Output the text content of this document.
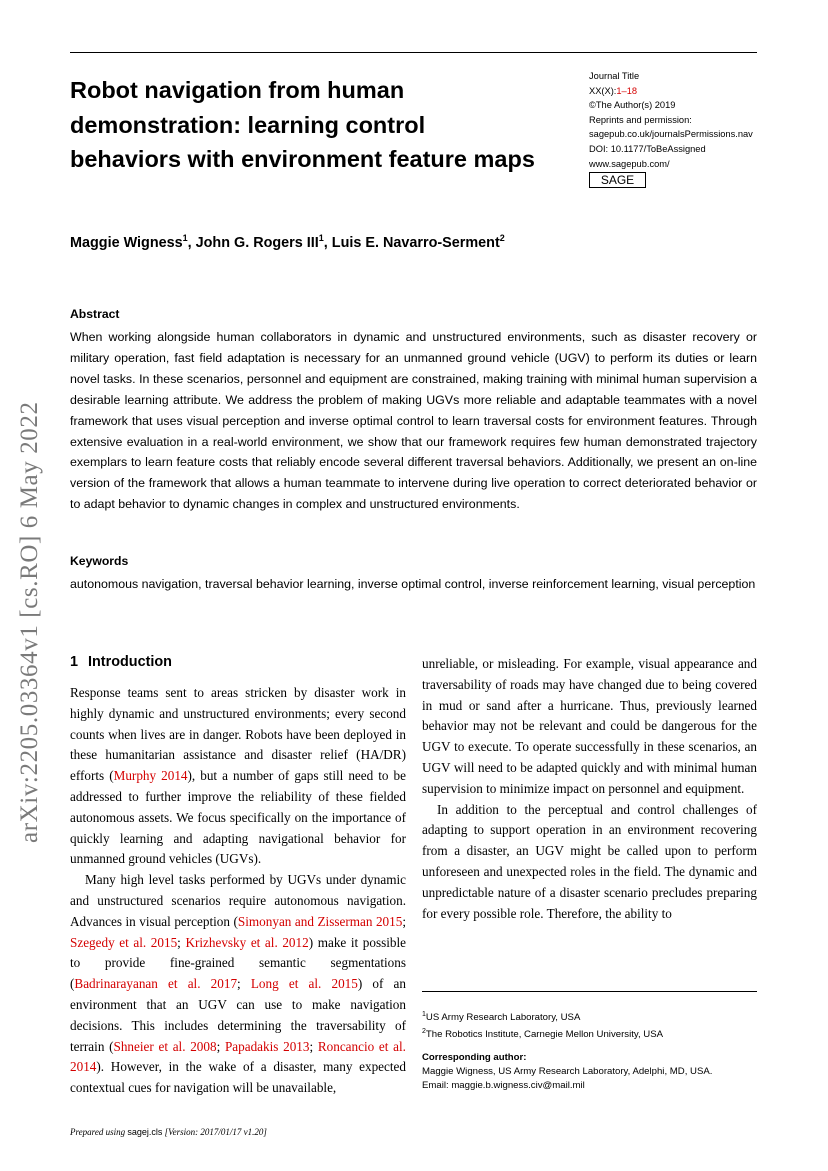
Robot navigation from human demonstration: learning control behaviors with environment feature maps
Journal Title
XX(X):1–18
©The Author(s) 2019
Reprints and permission:
sagepub.co.uk/journalsPermissions.nav
DOI: 10.1177/ToBeAssigned
www.sagepub.com/
SAGE
Maggie Wigness$^1$, John G. Rogers III$^1$, Luis E. Navarro-Serment$^2$
Abstract

When working alongside human collaborators in dynamic and unstructured environments, such as disaster recovery or military operation, fast field adaptation is necessary for an unmanned ground vehicle (UGV) to perform its duties or learn novel tasks. In these scenarios, personnel and equipment are constrained, making training with minimal human supervision a desirable learning attribute. We address the problem of making UGVs more reliable and adaptable teammates with a novel framework that uses visual perception and inverse optimal control to learn traversal costs for environment features. Through extensive evaluation in a real-world environment, we show that our framework requires few human demonstrated trajectory exemplars to learn feature costs that reliably encode several different traversal behaviors. Additionally, we present an on-line version of the framework that allows a human teammate to intervene during live operation to correct deteriorated behavior or to adapt behavior to dynamic changes in complex and unstructured environments.

Keywords

autonomous navigation, traversal behavior learning, inverse optimal control, inverse reinforcement learning, visual perception

arXiv:2205.03364v1 [cs.RO] 6 May 2022 1 Introduction

Response teams sent to areas stricken by disaster work in highly dynamic and unstructured environments; every second counts when lives are in danger. Robots have been deployed in these humanitarian assistance and disaster relief (HA/DR) efforts (Murphy 2014), but a number of gaps still need to be addressed to further improve the reliability of these fielded autonomous assets. We focus specifically on the importance of quickly learning and adapting navigational behavior for unmanned ground vehicles (UGVs).

Many high level tasks performed by UGVs under dynamic and unstructured scenarios require autonomous navigation. Advances in visual perception (Simonyan and Zisserman 2015; Szegedy et al. 2015; Krizhevsky et al. 2012) make it possible to provide fine-grained semantic segmentations (Badrinarayanan et al. 2017; Long et al. 2015) of an environment that an UGV can use to make navigation decisions. This includes determining the traversability of terrain (Shneier et al. 2008; Papadakis 2013; Roncancio et al. 2014). However, in the wake of a disaster, many expected contextual cues for navigation will be unavailable,

unreliable, or misleading. For example, visual appearance and traversability of roads may have changed due to being covered in mud or sand after a hurricane. Thus, previously learned behavior may not be relevant and could be dangerous for the UGV to execute. To operate successfully in these scenarios, an UGV will need to be adapted quickly and with minimal human supervision to minimize impact on personnel and equipment.

In addition to the perceptual and control challenges of adapting to support operation in an environment recovering from a disaster, an UGV might be called upon to perform unforeseen and unexpected roles in the field. The dynamic and unpredictable nature of a disaster scenario precludes preparing for every possible role. Therefore, the ability to

$^1$US Army Research Laboratory, USA
$^2$The Robotics Institute, Carnegie Mellon University, USA
Corresponding author:
Maggie Wigness, US Army Research Laboratory, Adelphi, MD, USA.
Email: maggie.b.wigness.civ@mail.mil
Prepared using sagej.cls [Version: 2017/01/17 v1.20]
